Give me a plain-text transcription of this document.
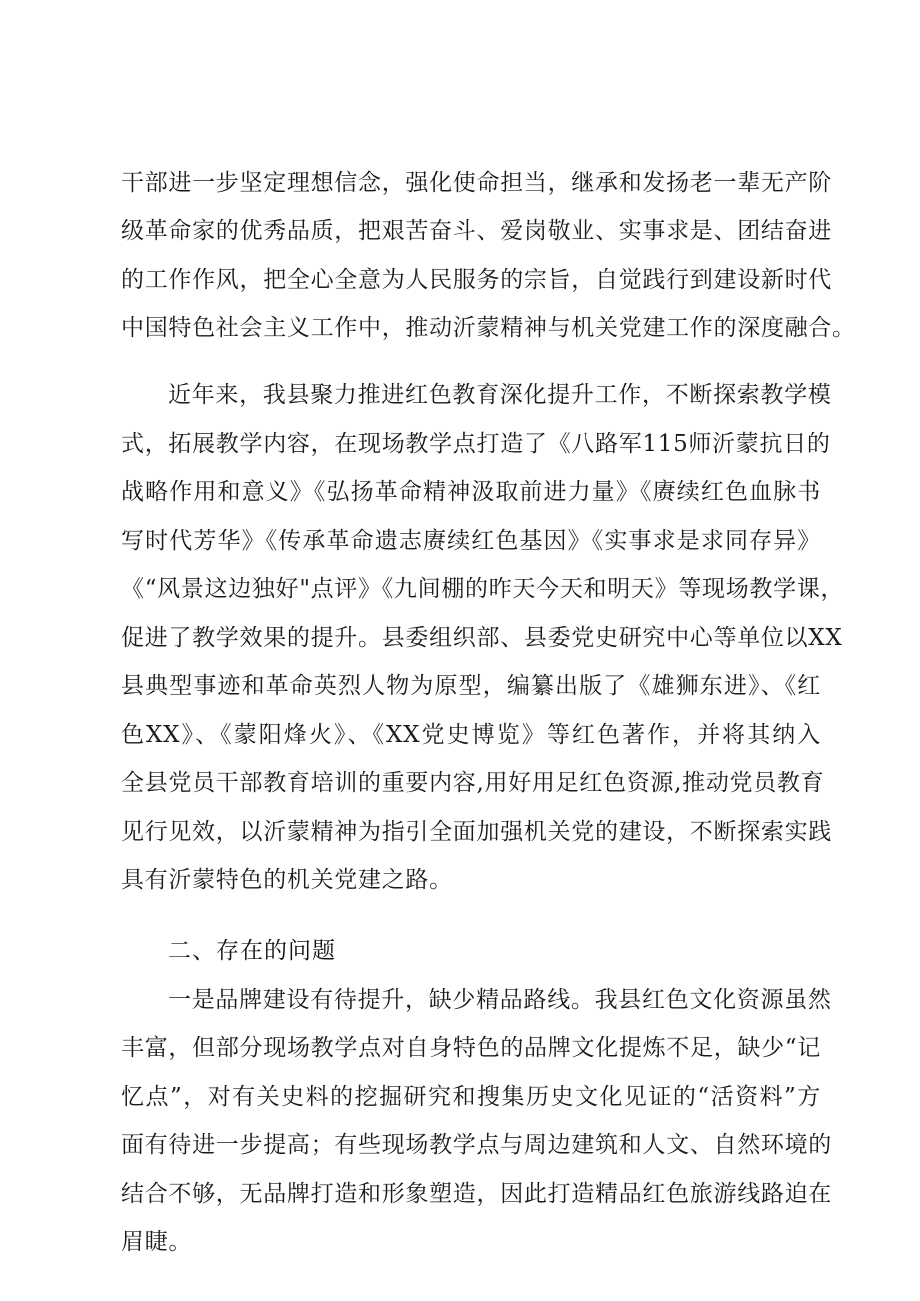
干部进一步坚定理想信念，强化使命担当，继承和发扬老一辈无产阶
级革命家的优秀品质，把艰苦奋斗、爱岗敬业、实事求是、团结奋进
的工作作风，把全心全意为人民服务的宗旨，自觉践行到建设新时代
中国特色社会主义工作中，推动沂蒙精神与机关党建工作的深度融合。
近年来，我县聚力推进红色教育深化提升工作，不断探索教学模
式，拓展教学内容，在现场教学点打造了《八路军115师沂蒙抗日的
战略作用和意义》《弘扬革命精神汲取前进力量》《赓续红色血脉书
写时代芳华》《传承革命遗志赓续红色基因》《实事求是求同存异》
《“风景这边独好"点评》《九间棚的昨天今天和明天》等现场教学课，
促进了教学效果的提升。县委组织部、县委党史研究中心等单位以XX
县典型事迹和革命英烈人物为原型，编纂出版了《雄狮东进》、《红
色XX》、《蒙阳烽火》、《XX党史博览》等红色著作，并将其纳入
全县党员干部教育培训的重要内容,用好用足红色资源,推动党员教育
见行见效，以沂蒙精神为指引全面加强机关党的建设，不断探索实践
具有沂蒙特色的机关党建之路。
二、存在的问题
一是品牌建设有待提升，缺少精品路线。我县红色文化资源虽然
丰富，但部分现场教学点对自身特色的品牌文化提炼不足，缺少“记
忆点”，对有关史料的挖掘研究和搜集历史文化见证的“活资料”方
面有待进一步提高；有些现场教学点与周边建筑和人文、自然环境的
结合不够，无品牌打造和形象塑造，因此打造精品红色旅游线路迫在
眉睫。
